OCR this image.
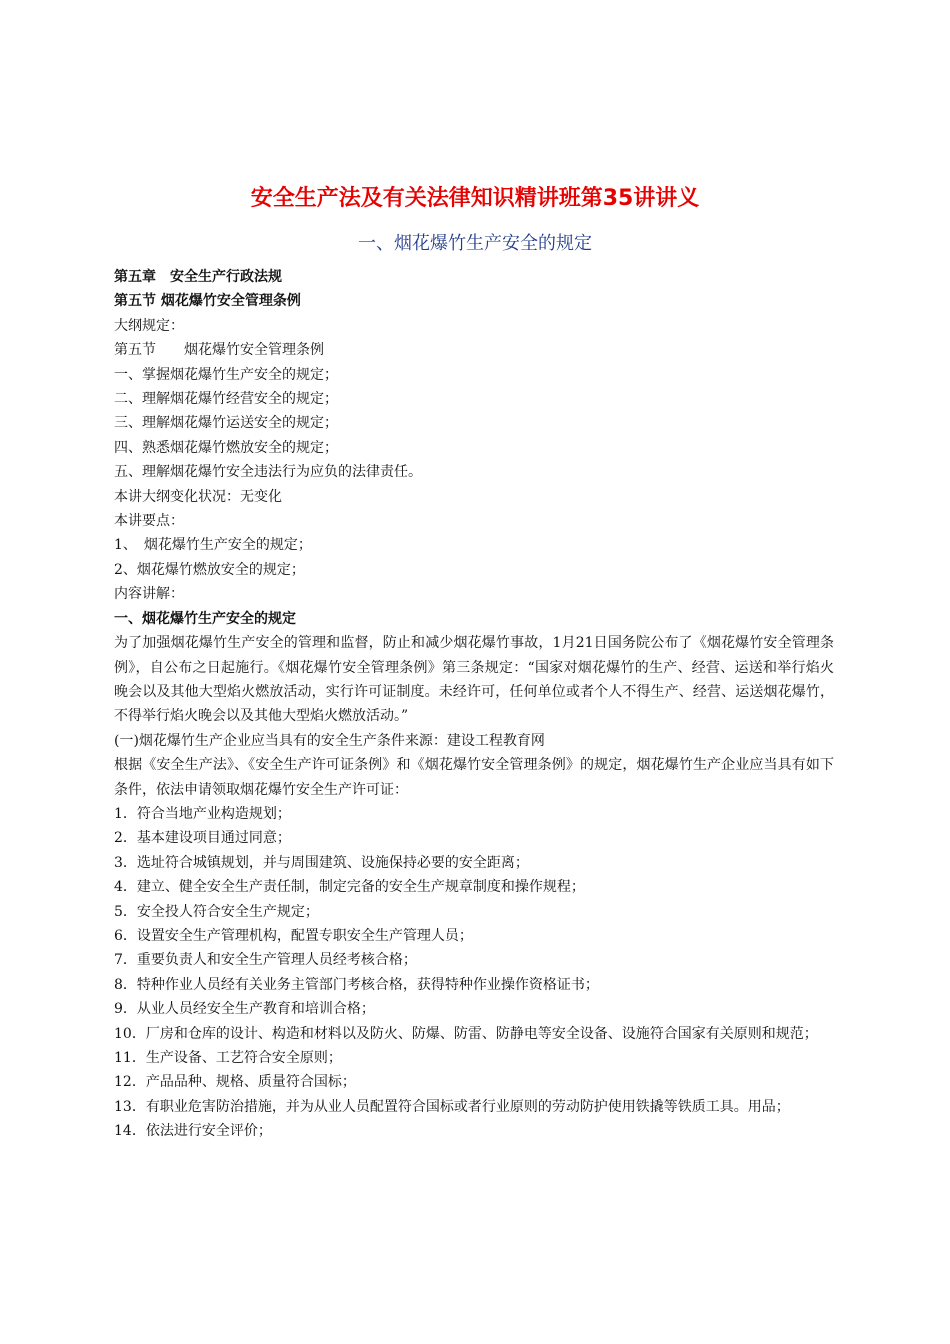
安全生产法及有关法律知识精讲班第35讲讲义
一、烟花爆竹生产安全的规定

第五章　安全生产行政法规

第五节 烟花爆竹安全管理条例

大纲规定：

第五节　　烟花爆竹安全管理条例

一、掌握烟花爆竹生产安全的规定；

二、理解烟花爆竹经营安全的规定；

三、理解烟花爆竹运送安全的规定；

四、熟悉烟花爆竹燃放安全的规定；

五、理解烟花爆竹安全违法行为应负的法律责任。

本讲大纲变化状况：无变化

本讲要点：

1、　烟花爆竹生产安全的规定；

2、烟花爆竹燃放安全的规定；

内容讲解：

一、烟花爆竹生产安全的规定

为了加强烟花爆竹生产安全的管理和监督，防止和减少烟花爆竹事故，1月21日国务院公布了《烟花爆竹安全管理条例》，自公布之日起施行。《烟花爆竹安全管理条例》第三条规定：“国家对烟花爆竹的生产、经营、运送和举行焰火晚会以及其他大型焰火燃放活动，实行许可证制度。未经许可，任何单位或者个人不得生产、经营、运送烟花爆竹，不得举行焰火晚会以及其他大型焰火燃放活动。”

(一)烟花爆竹生产企业应当具有的安全生产条件来源：建设工程教育网

根据《安全生产法》、《安全生产许可证条例》和《烟花爆竹安全管理条例》的规定，烟花爆竹生产企业应当具有如下条件，依法申请领取烟花爆竹安全生产许可证：

1．符合当地产业构造规划；

2．基本建设项目通过同意；

3．选址符合城镇规划，并与周围建筑、设施保持必要的安全距离；

4．建立、健全安全生产责任制，制定完备的安全生产规章制度和操作规程；

5．安全投人符合安全生产规定；

6．设置安全生产管理机构，配置专职安全生产管理人员；

7．重要负责人和安全生产管理人员经考核合格；

8．特种作业人员经有关业务主管部门考核合格，获得特种作业操作资格证书；

9．从业人员经安全生产教育和培训合格；

10．厂房和仓库的设计、构造和材料以及防火、防爆、防雷、防静电等安全设备、设施符合国家有关原则和规范；

11．生产设备、工艺符合安全原则；

12．产品品种、规格、质量符合国标；

13．有职业危害防治措施，并为从业人员配置符合国标或者行业原则的劳动防护使用铁撬等铁质工具。用品；

14．依法进行安全评价；
